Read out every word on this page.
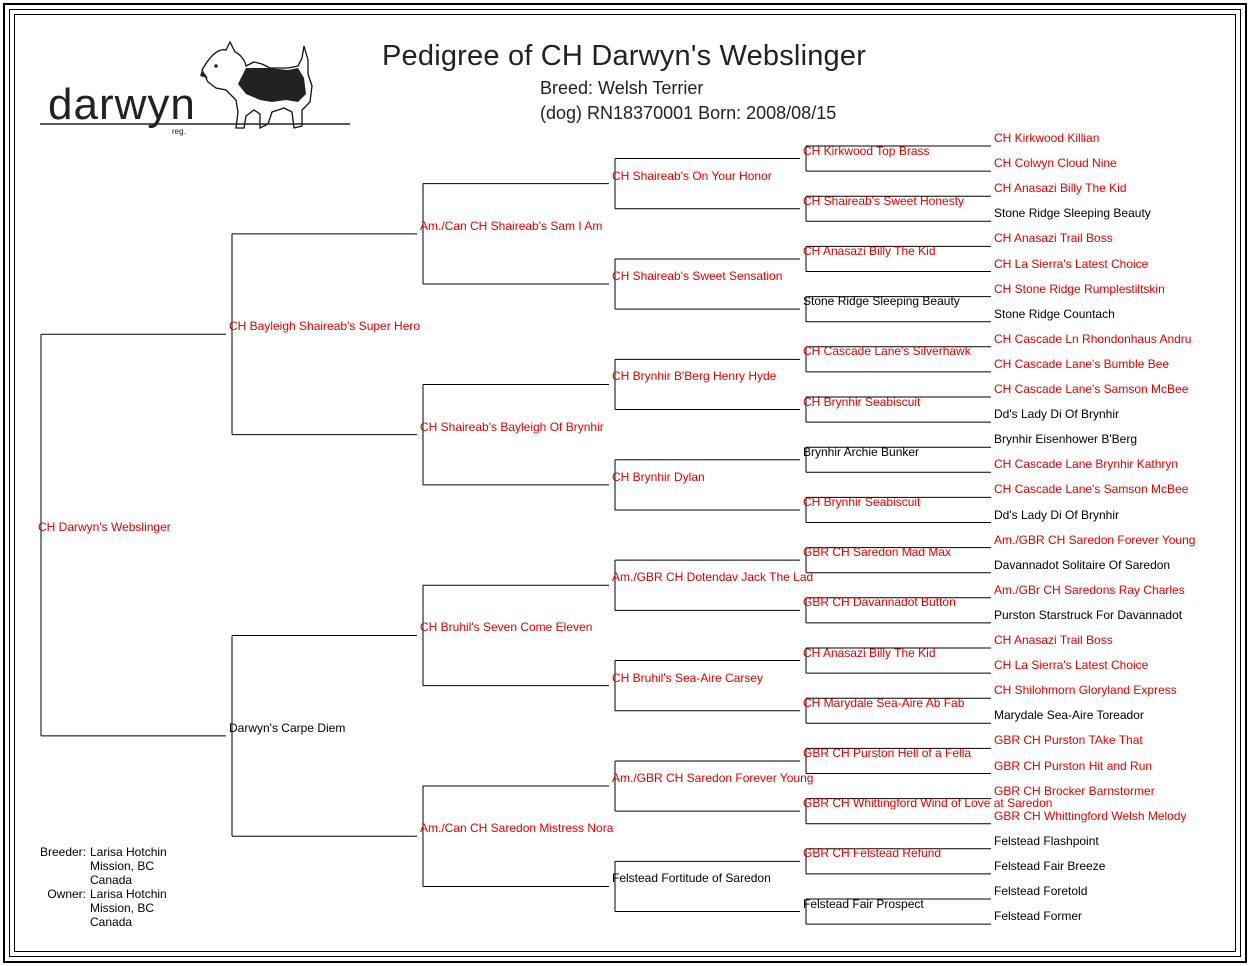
darwyn
reg.
Pedigree of CH Darwyn's Webslinger
Breed: Welsh Terrier
(dog) RN18370001 Born: 2008/08/15
CH Darwyn's Webslinger
CH Bayleigh Shaireab's Super Hero
Darwyn's Carpe Diem
Am./Can CH Shaireab's Sam I Am
CH Shaireab's Bayleigh Of Brynhir
CH Bruhil's Seven Come Eleven
Am./Can CH Saredon Mistress Nora
CH Shaireab's On Your Honor
CH Shaireab's Sweet Sensation
CH Brynhir B'Berg Henry Hyde
CH Brynhir Dylan
Am./GBR CH Dotendav Jack The Lad
CH Bruhil's Sea-Aire Carsey
Am./GBR CH Saredon Forever Young
Felstead Fortitude of Saredon
CH Kirkwood Top Brass
CH Shaireab's Sweet Honesty
CH Anasazi Billy The Kid
Stone Ridge Sleeping Beauty
CH Cascade Lane's Silverhawk
CH Brynhir Seabiscuit
Brynhir Archie Bunker
CH Brynhir Seabiscuit
GBR CH Saredon Mad Max
GBR CH Davannadot Button
CH Anasazi Billy The Kid
CH Marydale Sea-Aire Ab Fab
GBR CH Purston Hell of a Fella
GBR CH Whittingford Wind of Love at Saredon
GBR CH Felstead Refund
Felstead Fair Prospect
CH Kirkwood Killian
CH Colwyn Cloud Nine
CH Anasazi Billy The Kid
Stone Ridge Sleeping Beauty
CH Anasazi Trail Boss
CH La Sierra's Latest Choice
CH Stone Ridge Rumplestiltskin
Stone Ridge Countach
CH Cascade Ln Rhondonhaus Andru
CH Cascade Lane's Bumble Bee
CH Cascade Lane's Samson McBee
Dd's Lady Di Of Brynhir
Brynhir Eisenhower B'Berg
CH Cascade Lane Brynhir Kathryn
CH Cascade Lane's Samson McBee
Dd's Lady Di Of Brynhir
Am./GBR CH Saredon Forever Young
Davannadot Solitaire Of Saredon
Am./GBr CH Saredons Ray Charles
Purston Starstruck For Davannadot
CH Anasazi Trail Boss
CH La Sierra's Latest Choice
CH Shilohmorn Gloryland Express
Marydale Sea-Aire Toreador
GBR CH Purston TAke That
GBR CH Purston Hit and Run
GBR CH Brocker Barnstormer
GBR CH Whittingford Welsh Melody
Felstead Flashpoint
Felstead Fair Breeze
Felstead Foretold
Felstead Former
Breeder: Larisa Hotchin
Mission, BC
Canada
Owner: Larisa Hotchin
Mission, BC
Canada
